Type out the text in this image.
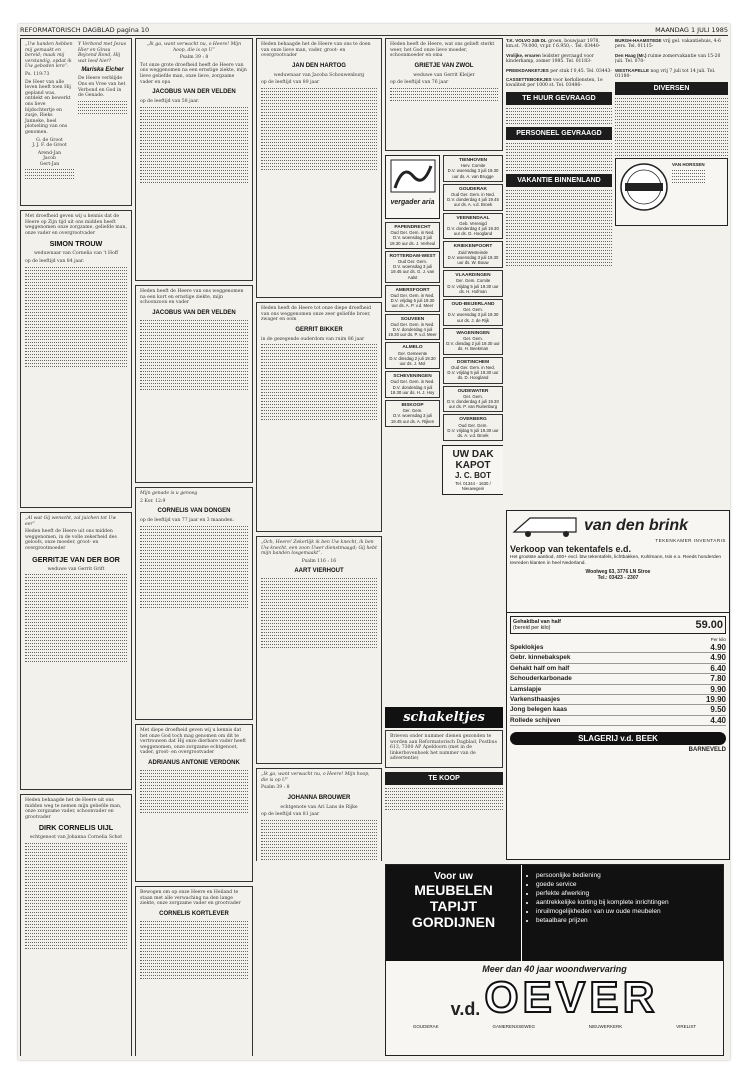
REFORMATORISCH DAGBLAD pagina 10	MAANDAG 1 JULI 1985

„Uw handen hebben mij gemaakt en bereid; maak mij verstandig, opdat ik Uw geboden lere”.

Ps. 119:73

De Heer van alle leven heeft toen Hij gepland was, ontdekt en bewerkt ons lieve bijdochtertje en zusje, Rieks Janneke, heel plotseling van ons genomen.

G. de Groot
J. J. F. de Groot

Arend-Jan
Jacob
Gert-Jan

Y Verbond met Jezus Hier en Ginsu Bejcend Rond, Hij wat leed hier?

Mariska Eicher

De Heere verblijde Ons en Vree van het Verbond en God in de Genade.

Met droefheid geven wij u kennis dat de Heere op Zijn tijd uit ons midden heeft weggenomen onze zorgzame, geliefde man, onze vader en overgrootvader

SIMON TROUW

weduwnaar van Cornelia van 't Hoff

op de leeftijd van 84 jaar.

„Al wat Gij wenscht, zal juichen tot Uw eer”

Heden heeft de Heere uit ons midden weggenomen, in de volle zekerheid des geloofs, onze moeder, groot- en overgrootmoeder

GERRITJE VAN DER BOR

weduwe van Gerrit Grift

Heden behaagde het de Heere uit ons midden weg te nemen mijn geliefde man, onze zorgzame vader, schoonvader en grootvader

DIRK CORNELIS UIJL

echtgenoot van Johanna Cornelia Schot

„Ik ga, want verwacht nu, o Heere! Mijn hoop, die is op U”

Psalm 39 : 8

Tot onze grote droefheid heeft de Heere van ons weggenomen na een ernstige ziekte, mijn lieve geliefde man, onze lieve, zorgzame vader en opa

JACOBUS VAN DER VELDEN

op de leeftijd van 58 jaar.

Heden heeft de Heere van ons weggenomen na een kort en ernstige ziekte, mijn schoonzoon en vader

JACOBUS VAN DER VELDEN

Mijn genade is u genoeg

2 Kor. 12:9

CORNELIS VAN DONGEN

op de leeftijd van 77 jaar en 3 maanden.

Met diepe droefheid geven wij u kennis dat het onze God toch mag genomen om dit te vertrouwen dat Hij onze dierbare vader heeft weggenomen, onze zorgzame echtgenoot, vader, groot- en overgrootvader

ADRIANUS ANTONIE VERDONK

Bewogen om op onze Heere en Heiland te staan met alle verwaching na den lange ziekte, onze zorgzame vader en grootvader

CORNELIS KORTLEVER

Heden behaagde het de Heere van ons te doen van onze lieve man, vader, groot- en overgrootvader

JAN DEN HARTOG

weduwnaar van Jacoba Schouwenburg

op de leeftijd van 89 jaar

Heden heeft de Heere tot onze diepe droefheid van ons weggenomen onze zeer geliefde broer, zwager en oom

GERRIT BIKKER

in de gezegende ouderdom van ruim 86 jaar

„Och, Heere! Zekerlijk ik ben Uw knecht, ik ben Uw knecht, een zoon Uwer dienstmaagd; Gij hebt mijn banden losgemaakt”.

Psalm 116 : 16

AART VIERHOUT

„Ik ga, want verwacht nu, o Heere! Mijn hoop, die is op U”

Psalm 39 : 8

JOHANNA BROUWER

echtgenote van Ari Lans de Rijke

op de leeftijd van 81 jaar

Heden heeft de Heere, wat ons gelieft sterkt weer, het God onze lieve moeder, schoonmoeder en oma

GRIETJE VAN ZWOL

weduwe van Gerrit Kleijer

op de leeftijd van 76 jaar

vergader aria
PAPENDRECHT
Oud Ger. Gem. in Ned.
D.V. woensdag 3 juli 19.30 uur ds. J. Verheul
ROTTERDAM-WEST
Oud Ger. Gem.
D.V. woensdag 3 juli 19.45 uur ds. G. J. van Aalst
AMERSFOORT
Oud Ger. Gem. in Ned.
D.V. vrijdag 5 juli 19.30 uur ds. A. P. v.d. Meer
SOUVEEN
Oud Ger. Gem. in Ned.
D.V. donderdag 4 juli 19.30 uur ds. P. v.d. Meer
ALMELO
Ger. Gemeente
D.V. dinsdag 2 juli 19.30 uur ds. J. Mol
SCHEVENINGEN
Oud Ger. Gem. in Ned.
D.V. donderdag 4 juli 19.30 uur ds. H. J. Hoy
BISKOOP
Ger. Gem.
D.V. woensdag 3 juli 19.45 uur ds. A. Rijken
TIENHOVEN
Herv. Comite
D.V. woensdag 3 juli 19.30 uur ds. A. van Brugge
GOUDERAK
Oud Ger. Gem. in Ned.
D.V. donderdag 4 juli 19.45 uur ds. A. v.d. Broek
VEENENDAAL
Geb. Verenigd
D.V. donderdag 4 juli 19.30 uur ds. D. Hoogland
KRIEKENPOORT
Zuid Westeinde
D.V. woensdag 3 juli 19.30 uur ds. W. Bouw
VLAARDINGEN
Ger. Gem. Comite
D.V. vrijdag 5 juli 19.30 uur ds. H. Hofman
OUD-BEIJERLAND
Ger. Gem.
D.V. woensdag 3 juli 19.30 uur ds. J. de Rijk
WAGENINGEN
Ger. Gem.
D.V. dinsdag 2 juli 19.30 uur ds. H. Beekman
DOETINCHEM
Oud Ger. Gem. in Ned.
D.V. vrijdag 5 juli 19.30 uur ds. D. Hoogland
OUDEWATER
Ger. Gem.
D.V. donderdag 4 juli 19.30 uur ds. P. van Ruitenburg
OVERBERG
Oud Ger. Gem.
D.V. vrijdag 5 juli 19.30 uur ds. A. v.d. Broek
UW DAK
KAPOT
J. C. BOT
Tel. 01344 - 1630 / Nieuwegein
schakeltjes

Brieven onder nummer dienen gezonden te worden aan Reformatorisch Dagblad, Postbus 613, 7300 AP Apeldoorn (met in de linkerbovenhoek het nummer van de advertentie)

TE KOOP
T.K. VOLVO 245 DL groen, bouwjaar 1978, km.st. 79.000, vr.pr. f 6.950,-. Tel. 03440-
Vrolijke, ervaren leidster gevraagd voor kinderkamp, zomer 1985. Tel. 01183-
PREEKDANKETJES per stuk f 0,45. Tel. 03443-
CASSETTEBOEKJES voor kerkdiensten, 1e kwaliteit per 1000 st. Tel. 03486-
TE HUUR GEVRAAGD
PERSONEEL GEVRAAGD
VAKANTIE BINNENLAND
BURGH-HAAMSTEDE vrij gel. vakantiehuis, 4-6 pers. Tel. 01115-
Den Haag (Mr.) ruime zomervakantie van 15-20 juli. Tel. 070-
WESTKAPELLE nog vrij 7 juli tot 14 juli. Tel. 01180-
DIVERSEN
VAN HORSSEN
van den brink
TEKENKAMER INVENTARIS
Verkoop van tekentafels e.d.
Het grootste aanbod, 400+ excl. btw tekentafels, lichtbakken, Kuhlmann, Isis e.o. Reeds honderden tevreden klanten in heel Nederland.
Woolweg 63, 3776 LN Stroe
Tel.: 03423 - 2307
Gehaktbal van half
(bereid per kilo)	59.00
Per kilo
Speklokjes	4.90
Gebr. kinnebakspek	4.90
Gehakt half om half	6.40
Schouderkarbonade	7.80
Lamslapje	9.90
Varkensthaasjes	19.90
Jong belegen kaas	9.50
Rollede schijven	4.40
SLAGERIJ v.d. BEEK
BARNEVELD
Voor uw
MEUBELEN
TAPIJT
GORDIJNEN
• persoonlijke bediening
• goede service
• perfekte afwerking
• aantrekkelijke korting bij komplete inrichtingen
• inruilmogelijkheden van uw oude meubelen
• betaalbare prijzen
Meer dan 40 jaar woondwervaring
v.d. OEVER
GOUDERAK	GAMERENSSEWEG	NIEUWERKERK	VIRELIST
